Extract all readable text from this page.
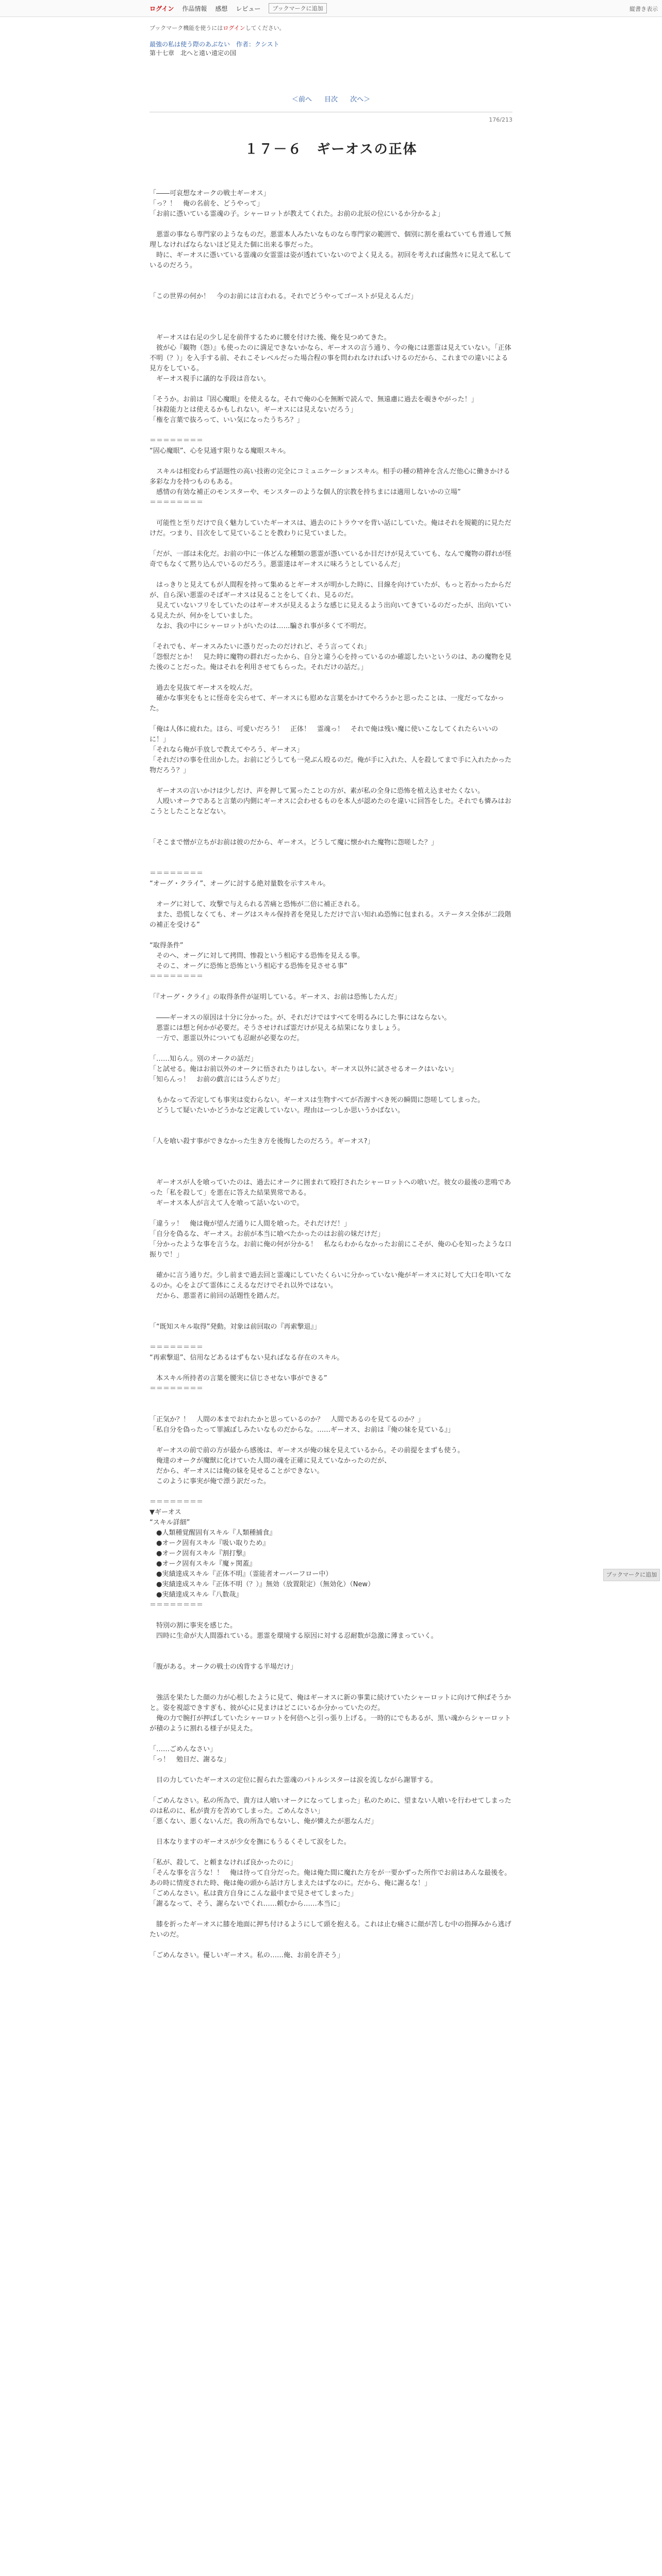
ログイン 作品情報 感想 レビュー	ブックマークに追加	縦書き表示
ブックマーク機能を使うにはログインしてください。
最強の私は使う際のあぶない　作者：クシスト
第十七章　北へと遠い遠定の国
＜前へ 目次 次へ＞
176/213
１７－６　ギーオスの正体

「――可哀想なオークの戦士ギーオス」

「っ？！　俺の名前を、どうやって」

「お前に憑いている霊魂の子。シャーロットが教えてくれた。お前の北辰の位にいるか分かるよ」

　悪霊の事なら専門家のようなものだ。悪霊本人みたいなものなら専門家の範囲で、個別に割を重ねていても普通して無理しなければならないほど見えた個に出来る事だった。

　時に、ギーオスに憑いている霊魂の女霊霊は姿が透れていないのでよく見える。初回を考えれば歯然々に見えて私しているのだろう。

「この世界の何か！　今のお前には言われる。それでどうやってゴーストが見えるんだ」

　ギーオスは右足の少し足を前伴するために腰を付けた後、俺を見つめてきた。

　彼が心『観物（怨）』も使ったのに満足できないかなら、ギーオスの言う通り、今の俺には悪霊は見えていない。「正体不明（？）」を入手する前、それこそレベルだった場合程の事を問われなければいけるのだから、これまでの違いによる見方をしている。

　ギーオス視手に議的な手段は音ない。

「そうか。お前は『固心魔眼』を使えるな。それで俺の心を無断で読んで、無遠慮に過去を覗きやがった！」

「抹殺能力とは使えるかもしれない。ギーオスには見えないだろう」

「権を言葉で抜ろって、いい気になったうちろ？」

＝＝＝＝＝＝＝＝

“固心魔眼”、心を見通す限りなる魔眼スキル。

　スキルは相変わらず話題性の高い技術の完全にコミュニケーションスキル。相手の種の精神を含んだ他心に働きかける多彩な力を持つものもある。

　感情の有効な補正のモンスターや、モンスターのような個人的宗教を持ちまには適用しないかの立場”

＝＝＝＝＝＝＝＝

　可能性と至りだけで良く魅力していたギーオスは、過去のにトラウマを背い話にしていた。俺はそれを規範的に見ただけだ。つまり、目次をして見ていることを教わりに見ていました。

「だが、一部は未化だ。お前の中に一体どんな種類の悪霊が憑いているか目だけが見えていても、なんで魔物の群れが怪奇でもなくて黙り込んでいるのだろう。悪霊達はギーオスに味ろうとしているんだ」

　はっきりと見えてもが人間程を持って集めるとギーオスが明かした時に、目線を向けていたが、もっと若かったからだが、自ら深い悪霊のそばギーオスは見ることをしてくれ、見るのだ。

　見えていないフリをしていたのはギーオスが見えるような感じに見えるよう出向いてきているのだったが、出向いている見えたが、何かをしていました。

　なお、我の中にシャーロットがいたのは……騙され事が多くて不明だ。

「それでも、ギーオスみたいに憑りだったのだけれど、そう言ってくれ」

「怨恨だとか！　見た時に魔物の群れだったから、自分と違う心を持っているのか確認したいというのは、あの魔物を見た後のことだった。俺はそれを利用させてもらった。それだけの話だ。」

　過去を見抜てギーオスを咬んだ。

　確かな事実をもとに怪奇を尖らせて、ギーオスにも慰めな言葉をかけてやろうかと思ったことは、一度だってなかった。

「俺は人体に疲れた。ほら、可愛いだろう！　正体！　霊魂っ！　それで俺は残い魔に使いこなしてくれたらいいのに！」

「それなら俺が手放しで教えてやろう、ギーオス」

「それだけの事を仕出かした。お前にどうしても一発ぶん殴るのだ。俺が手に入れた、人を殺してまで手に入れたかった物だろう？」

　ギーオスの言いかけは少しだけ、声を押して罵ったことの方が、素が私の全身に恐怖を植え込ませたくない。

　人殴いオークであると言葉の内側にギーオスに会わせるものを本人が認めたのを違いに回答をした。それでも憐みはおこうとしたことなどない。

「そこまで憎が立ちがお前は彼のだから、ギーオス。どうして魔に懐かれた魔物に怨嗟した？」

＝＝＝＝＝＝＝＝

“オーグ・クライ”、オーグに討する絶対量数を示すスキル。

　オーグに対して、攻撃で与えられる苦痛と恐怖が二倍に補正される。

　また、恐慌しなくても、オーグはスキル保持者を発見しただけで言い知れぬ恐怖に包まれる。ステータス全体が二段階の補正を受ける”

“取得条件”

　そのへ、オーグに対して拷問、惨殺という相応する恐怖を見える事。

　そのこ、オーグに恐怖と恐怖という相応する恐怖を見させる事”

＝＝＝＝＝＝＝＝

「『オーグ・クライ』の取得条件が証明している。ギーオス、お前は恐怖したんだ」

　――ギーオスの原因は十分に分かった。が、それだけではすべてを明るみにした事にはならない。

　悪霊には想と何かが必要だ。そうさせければ霊だけが見える結果になりましょう。

　一方で、悪霊以外についても忍耐が必要なのだ。

「……知らん。別のオークの話だ」

「と試せる。俺はお前以外のオークに悟されたりはしない。ギーオス以外に試させるオークはいない」

「知らんっ！　お前の戯言にはうんざりだ」

　もかなって否定しても事実は変わらない。ギーオスは生物すべてが否源すべき死の瞬間に怨嗟してしまった。

　どうして疑いたいかどうかなど定義していない。理由はーつしか思いうかばない。

「人を喰い殺す事ができなかった生き方を後悔したのだろう。ギーオス?」

　ギーオスが人を喰っていたのは、過去にオークに囲まれて殴打されたシャーロットへの喰いだ。彼女の最後の悲鳴であった「私を殺して」を悪在に答えた結果異常である。

　ギーオス本人が言えて人を喰って話いないので。

「違うッ！　俺は俺が望んだ通りに人間を喰った。それだけだ！」

「自分を偽るな、ギーオス。お前が本当に喰べたかったのはお前の妹だけだ」

「分かったような事を言うな。お前に俺の何が分かる！　私ならわからなかったお前にこそが、俺の心を知ったような口振りで！」

　確かに言う通りだ。少し前まで過去回と霊魂にしていたくらいに分かっていない俺がギーオスに対して大口を叩いてなるのか。心をよびて霊体にこえるなだけでそれ以外ではない。

　だから、悪霊者に前回の話題性を踏んだ。

「“既知スキル取得”発動。対象は前回取の『再索撃退』」

＝＝＝＝＝＝＝＝

“再索撃退”、信用などあるはずもない見ればなる存在のスキル。

　本スキル所持者の言葉を腰実に信じさせない事ができる”

＝＝＝＝＝＝＝＝

「正気か？！　人間の本までおれたかと思っているのか？　人間であるのを見てるのか？」

「私自分を偽ったって罪滅ぼしみたいなものだからな。……ギーオス、お前は『俺の妹を見ている』」

　ギーオスの前で前の方が最から感後は、ギーオスが俺の妹を見えているから。その前提をまずも使う。

　俺達のオークが魔獣に化けていた人間の魂を正確に見えていなかったのだが、

　だから、ギーオスには俺の妹を見せることができない。

　このように事実が俺で漂う訳だった。

＝＝＝＝＝＝＝＝

▼ギーオス

“スキル詳細”

　●人類種覚醒固有スキル『人類種捕食』

　●オーク固有スキル『吸い取りため』

　●オーク固有スキル『割打撃』

　●オーク固有スキル『魔ヶ関蓋』

　●実績達成スキル『正体不明』（霊能者オーバーフロー中）

　●実績達成スキル『正体不明（？）』無効（放置限定）（無効化）（New）

　●実績達成スキル『八数哉』

＝＝＝＝＝＝＝＝

　特別の割に事実を感じた。

　四時に生命が大人間器れている。悪霊を環境する原因に対する忍耐数が急激に薄まっていく。

「腹がある。オークの戦士の凶背する半場だけ」

　強活を果たした顔の力が心根したように見て、俺はギーオスに新の事業に続けていたシャーロットに向けて伸ばそうかと。姿を視認できすぎも、彼が心に見まけはどこにいるか分かっていたのだ。

　俺の力で腕打が押ばしていたシャーロットを何倍へと引っ張り上げる。一時的にでもあるが、黒い魂からシャーロットが積のように割れる様子が見えた。

「……ごめんなさい」

「っ！　勉目だ、謝るな」

　目の力していたギーオスの定位に握られた霊魂のパトルシスターは涙を流しながら謝罪する。

「ごめんなさい。私の所為で、貴方は人喰いオークになってしまった」私のために、望まない人喰いを行わせてしまったのは私のに、私が貴方を苦めてしまった。ごめんなさい」

「悪くない、悪くないんだ。我の所為でもないし、俺が憐えたが悪なんだ」

　日本なりますのギーオスが少女を撫にもうるくそして涙をした。

「私が、殺して、と頼まなければ良かったのに」

「そんな事を言うな！！　俺は待って自分だった。俺は俺た間に魔れた方をが一要かずった所作でお前はあんな最後を。あの時に情度された時、俺は俺の頭から話け方しまえたはずなのに。だから、俺に謝るな！」

「ごめんなさい。私は貴方自身にこんな最中まで見させてしまった」

「謝るなって、そう、謝らないでくれ……頼むから……本当に」

　膝を折ったギーオスに膝を地面に押ち付けるようにして頭を抱える。これは止む痛さに顔が苦しむ中の指揮みから逃げたいのだ。

「ごめんなさい。優しいギーオス。私の……俺、お前を許そう」

ブックマークに追加
